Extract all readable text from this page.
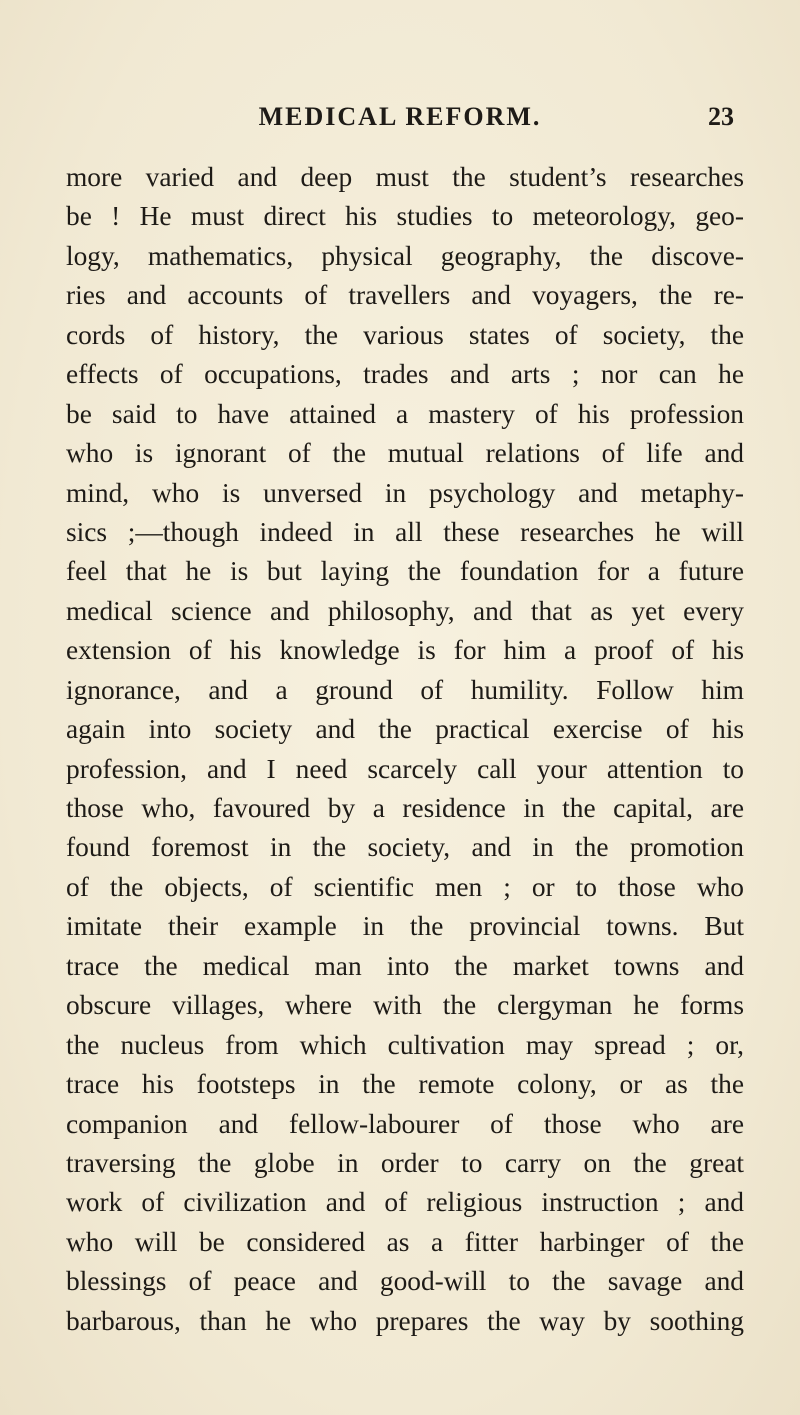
MEDICAL REFORM.	23
more varied and deep must the student’s researches
be ! He must direct his studies to meteorology, geo-
logy, mathematics, physical geography, the discove-
ries and accounts of travellers and voyagers, the re-
cords of history, the various states of society, the
effects of occupations, trades and arts ; nor can he
be said to have attained a mastery of his profession
who is ignorant of the mutual relations of life and
mind, who is unversed in psychology and metaphy-
sics ;—though indeed in all these researches he will
feel that he is but laying the foundation for a future
medical science and philosophy, and that as yet every
extension of his knowledge is for him a proof of his
ignorance, and a ground of humility. Follow him
again into society and the practical exercise of his
profession, and I need scarcely call your attention to
those who, favoured by a residence in the capital, are
found foremost in the society, and in the promotion
of the objects, of scientific men ; or to those who
imitate their example in the provincial towns. But
trace the medical man into the market towns and
obscure villages, where with the clergyman he forms
the nucleus from which cultivation may spread ; or,
trace his footsteps in the remote colony, or as the
companion and fellow-labourer of those who are
traversing the globe in order to carry on the great
work of civilization and of religious instruction ; and
who will be considered as a fitter harbinger of the
blessings of peace and good-will to the savage and
barbarous, than he who prepares the way by soothing
